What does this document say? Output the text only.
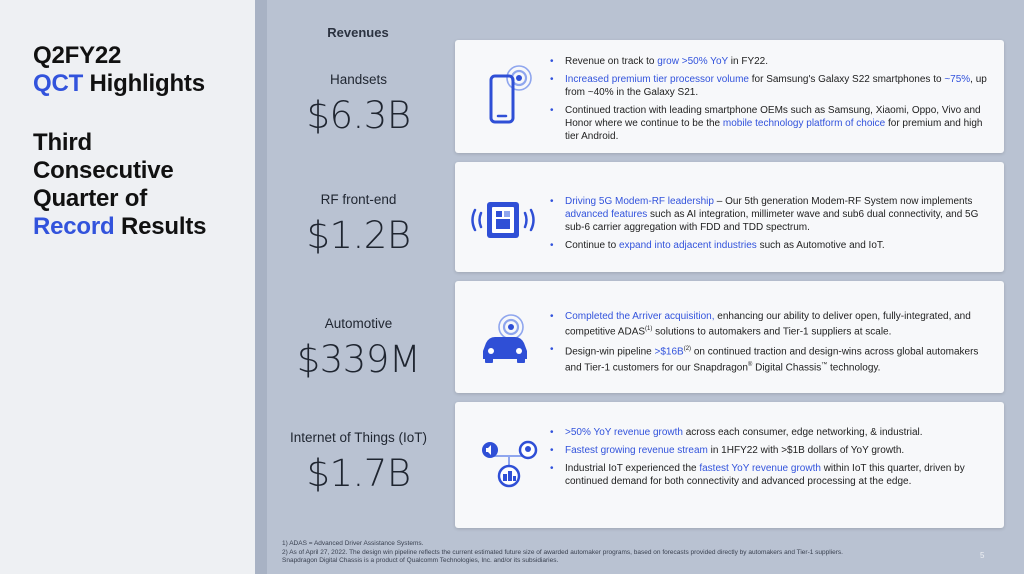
Q2FY22
QCT Highlights
Third
Consecutive
Quarter of
Record Results
Revenues
Handsets
$6.3B
RF front-end
$1.2B
Automotive
$339M
Internet of Things (IoT)
$1.7B
• Revenue on track to grow >50% YoY in FY22.
• Increased premium tier processor volume for Samsung's Galaxy S22 smartphones to ~75%, up from ~40% in the Galaxy S21.
• Continued traction with leading smartphone OEMs such as Samsung, Xiaomi, Oppo, Vivo and Honor where we continue to be the mobile technology platform of choice for premium and high tier Android.
• Driving 5G Modem-RF leadership – Our 5th generation Modem-RF System now implements advanced features such as AI integration, millimeter wave and sub6 dual connectivity, and 5G sub-6 carrier aggregation with FDD and TDD spectrum.
• Continue to expand into adjacent industries such as Automotive and IoT.
• Completed the Arriver acquisition, enhancing our ability to deliver open, fully-integrated, and competitive ADAS$^{(1)}$ solutions to automakers and Tier-1 suppliers at scale.
• Design-win pipeline $>\$16B^{(2)}$ on continued traction and design-wins across global automakers and Tier-1 customers for our Snapdragon® Digital Chassis™ technology.
• >50% YoY revenue growth across each consumer, edge networking, & industrial.
• Fastest growing revenue stream in 1HFY22 with >$1B dollars of YoY growth.
• Industrial IoT experienced the fastest YoY revenue growth within IoT this quarter, driven by continued demand for both connectivity and advanced processing at the edge.
1) ADAS = Advanced Driver Assistance Systems.
2) As of April 27, 2022. The design win pipeline reflects the current estimated future size of awarded automaker programs, based on forecasts provided directly by automakers and Tier-1 suppliers.
Snapdragon Digital Chassis is a product of Qualcomm Technologies, Inc. and/or its subsidiaries.
5
